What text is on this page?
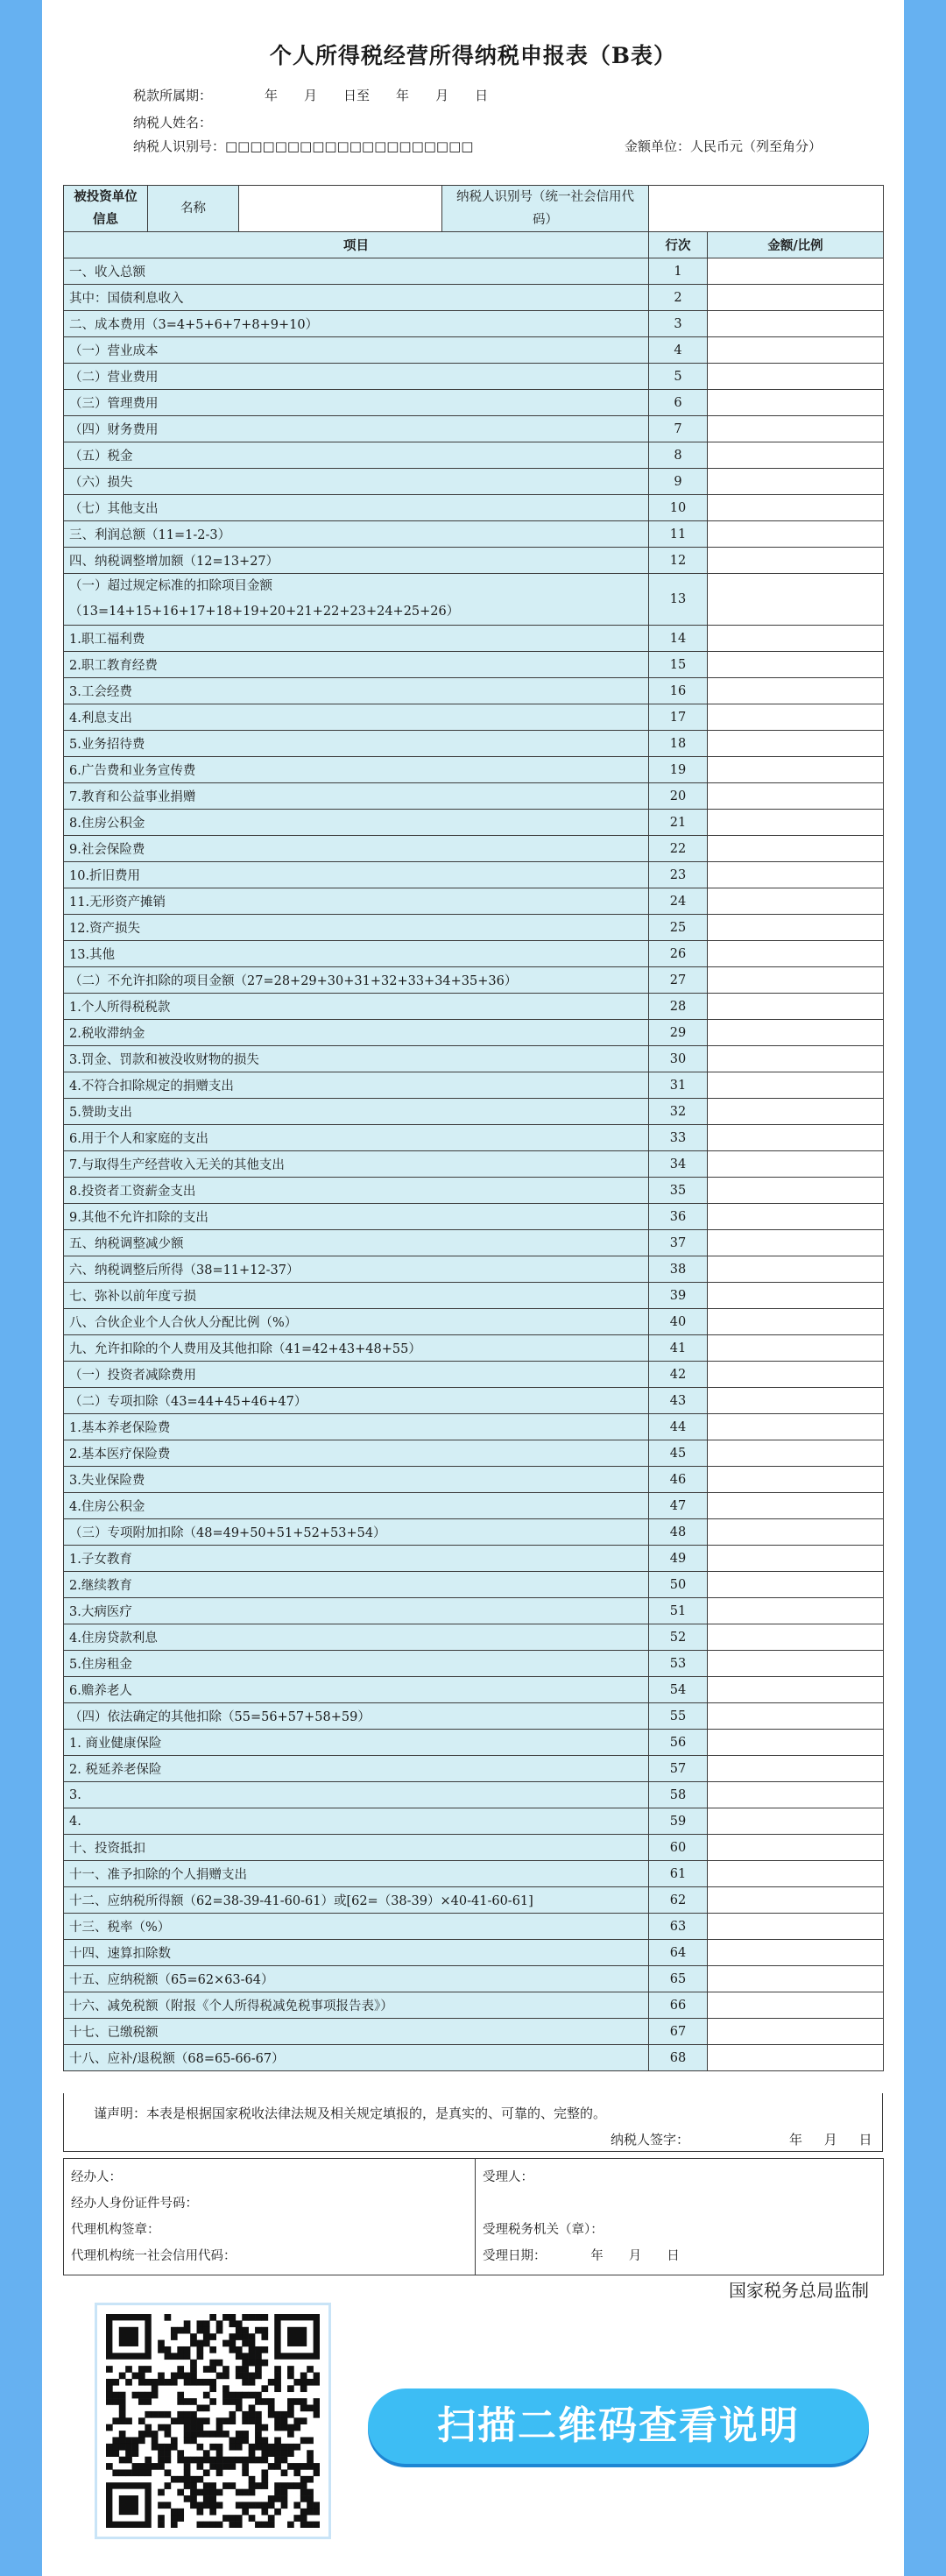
个人所得税经营所得纳税申报表（B表）
税款所属期：	年 月 日至 年 月 日
纳税人姓名：
纳税人识别号：□□□□□□□□□□□□□□□□□□□□	金额单位：人民币元（列至角分）
被投资单位信息	名称		纳税人识别号（统一社会信用代码）		
项目				行次	金额/比例
一、收入总额				1	
其中：国债利息收入				2	
二、成本费用（3=4+5+6+7+8+9+10）				3	
（一）营业成本				4	
（二）营业费用				5	
（三）管理费用				6	
（四）财务费用				7	
（五）税金				8	
（六）损失				9	
（七）其他支出				10	
三、利润总额（11=1-2-3）				11	
四、纳税调整增加额（12=13+27）				12	

（一）超过规定标准的扣除项目金额
（13=14+15+16+17+18+19+20+21+22+23+24+25+26）				13	
1.职工福利费				14	
2.职工教育经费				15	
3.工会经费				16	
4.利息支出				17	
5.业务招待费				18	
6.广告费和业务宣传费				19	
7.教育和公益事业捐赠				20	
8.住房公积金				21	
9.社会保险费				22	
10.折旧费用				23	
11.无形资产摊销				24	
12.资产损失				25	
13.其他				26	
（二）不允许扣除的项目金额（27=28+29+30+31+32+33+34+35+36）				27	
1.个人所得税税款				28	
2.税收滞纳金				29	
3.罚金、罚款和被没收财物的损失				30	
4.不符合扣除规定的捐赠支出				31	
5.赞助支出				32	
6.用于个人和家庭的支出				33	
7.与取得生产经营收入无关的其他支出				34	
8.投资者工资薪金支出				35	
9.其他不允许扣除的支出				36	
五、纳税调整减少额				37	
六、纳税调整后所得（38=11+12-37）				38	
七、弥补以前年度亏损				39	
八、合伙企业个人合伙人分配比例（%）				40	
九、允许扣除的个人费用及其他扣除（41=42+43+48+55）				41	
（一）投资者减除费用				42	
（二）专项扣除（43=44+45+46+47）				43	
1.基本养老保险费				44	
2.基本医疗保险费				45	
3.失业保险费				46	
4.住房公积金				47	
（三）专项附加扣除（48=49+50+51+52+53+54）				48	
1.子女教育				49	
2.继续教育				50	
3.大病医疗				51	
4.住房贷款利息				52	
5.住房租金				53	
6.赡养老人				54	
（四）依法确定的其他扣除（55=56+57+58+59）				55	
1. 商业健康保险				56	
2. 税延养老保险				57	
3.				58	
4.				59	
十、投资抵扣				60	
十一、准予扣除的个人捐赠支出				61	
十二、应纳税所得额（62=38-39-41-60-61）或[62=（38-39）×40-41-60-61]				62	
十三、税率（%）				63	
十四、速算扣除数				64	
十五、应纳税额（65=62×63-64）				65	
十六、减免税额（附报《个人所得税减免税事项报告表》）				66	
十七、已缴税额				67	
十八、应补/退税额（68=65-66-67）				68	
谨声明：本表是根据国家税收法律法规及相关规定填报的，是真实的、可靠的、完整的。
纳税人签字：	年 月 日
经办人：
经办人身份证件号码：
代理机构签章：
代理机构统一社会信用代码：

受理人：
受理税务机关（章）：
受理日期：　　　　年　　月　　日
国家税务总局监制
扫描二维码查看说明
